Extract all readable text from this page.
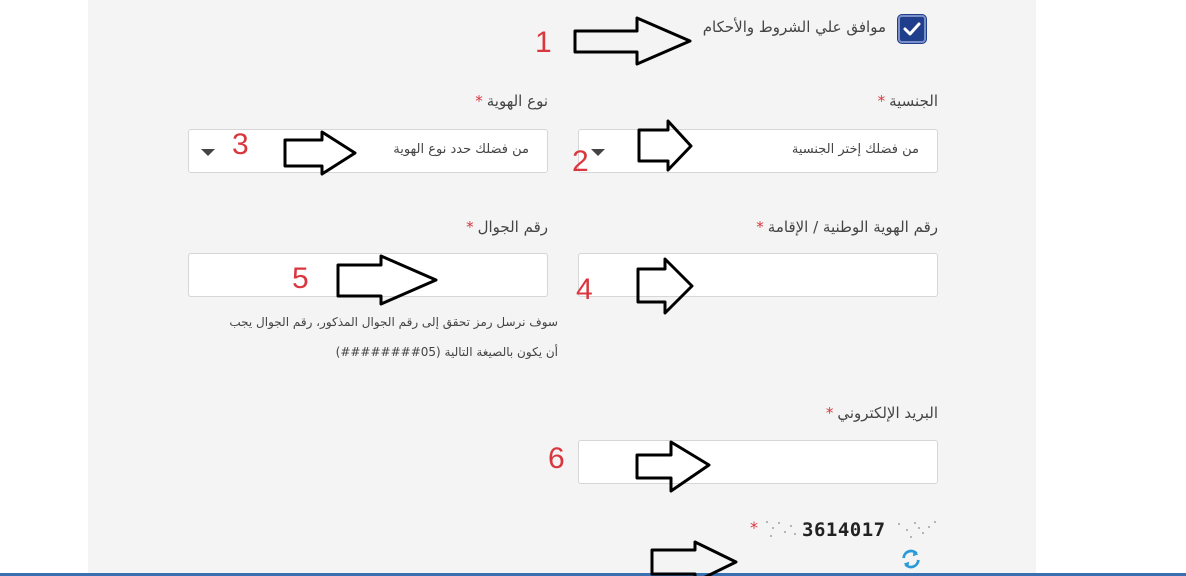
موافق علي الشروط والأحكام
الجنسية*
من فضلك إختر الجنسية
نوع الهوية*
من فضلك حدد نوع الهوية
رقم الهوية الوطنية / الإقامة*
رقم الجوال*
سوف نرسل رمز تحقق إلى رقم الجوال المذكور، رقم الجوال يجب
أن يكون بالصيغة التالية (05########)
البريد الإلكتروني*
* 3614017
1
2
3
4
5
6
